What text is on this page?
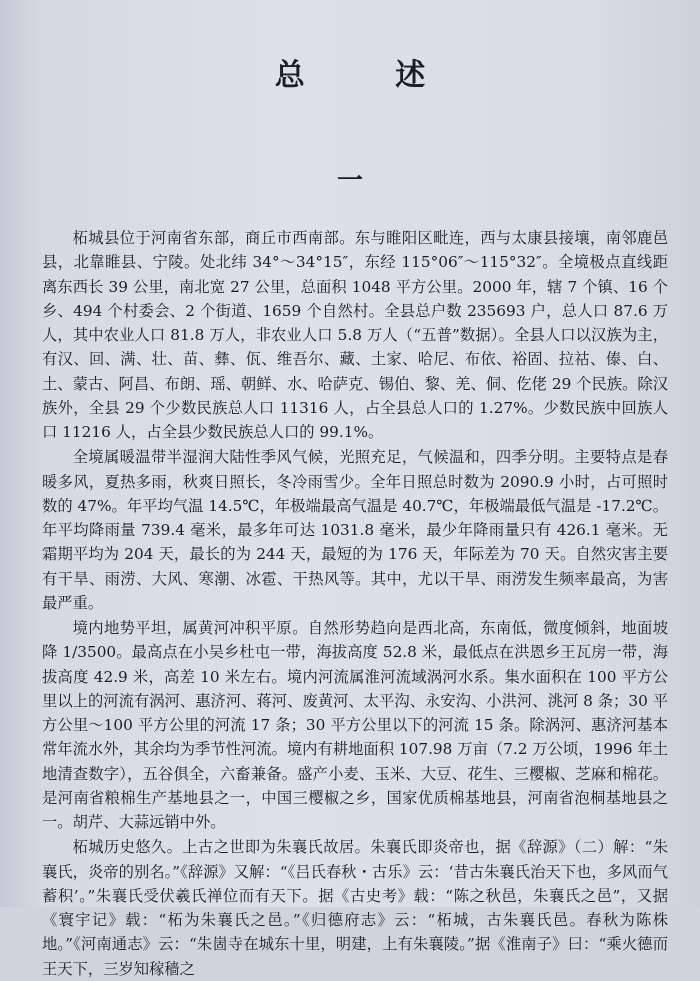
总 述
一

柘城县位于河南省东部，商丘市西南部。东与睢阳区毗连，西与太康县接壤，南邻鹿邑县，北靠睢县、宁陵。处北纬 34°～34°15″，东经 115°06″～115°32″。全境极点直线距离东西长 39 公里，南北宽 27 公里，总面积 1048 平方公里。2000 年，辖 7 个镇、16 个乡、494 个村委会、2 个街道、1659 个自然村。全县总户数 235693 户，总人口 87.6 万人，其中农业人口 81.8 万人，非农业人口 5.8 万人（“五普”数据）。全县人口以汉族为主，有汉、回、满、壮、苗、彝、佤、维吾尔、藏、土家、哈尼、布依、裕固、拉祜、傣、白、土、蒙古、阿昌、布朗、瑶、朝鲜、水、哈萨克、锡伯、黎、羌、侗、仡佬 29 个民族。除汉族外，全县 29 个少数民族总人口 11316 人，占全县总人口的 1.27%。少数民族中回族人口 11216 人，占全县少数民族总人口的 99.1%。

全境属暖温带半湿润大陆性季风气候，光照充足，气候温和，四季分明。主要特点是春暖多风，夏热多雨，秋爽日照长，冬冷雨雪少。全年日照总时数为 2090.9 小时，占可照时数的 47%。年平均气温 14.5℃，年极端最高气温是 40.7℃，年极端最低气温是 -17.2℃。年平均降雨量 739.4 毫米，最多年可达 1031.8 毫米，最少年降雨量只有 426.1 毫米。无霜期平均为 204 天，最长的为 244 天，最短的为 176 天，年际差为 70 天。自然灾害主要有干旱、雨涝、大风、寒潮、冰雹、干热风等。其中，尤以干旱、雨涝发生频率最高，为害最严重。

境内地势平坦，属黄河冲积平原。自然形势趋向是西北高，东南低，微度倾斜，地面坡降 1/3500。最高点在小吴乡杜屯一带，海拔高度 52.8 米，最低点在洪恩乡王瓦房一带，海拔高度 42.9 米，高差 10 米左右。境内河流属淮河流域涡河水系。集水面积在 100 平方公里以上的河流有涡河、惠济河、蒋河、废黄河、太平沟、永安沟、小洪河、洮河 8 条；30 平方公里～100 平方公里的河流 17 条；30 平方公里以下的河流 15 条。除涡河、惠济河基本常年流水外，其余均为季节性河流。境内有耕地面积 107.98 万亩（7.2 万公顷，1996 年土地清查数字），五谷俱全，六畜兼备。盛产小麦、玉米、大豆、花生、三樱椒、芝麻和棉花。是河南省粮棉生产基地县之一，中国三樱椒之乡，国家优质棉基地县，河南省泡桐基地县之一。胡芹、大蒜远销中外。

柘城历史悠久。上古之世即为朱襄氏故居。朱襄氏即炎帝也，据《辞源》（二）解：“朱襄氏，炎帝的别名。”《辞源》又解：“《吕氏春秋・古乐》云：‘昔古朱襄氏治天下也，多风而气蓄积’。”朱襄氏受伏羲氏禅位而有天下。据《古史考》载：“陈之秋邑，朱襄氏之邑”，又据《寰宇记》载：“柘为朱襄氏之邑。”《归德府志》云：“柘城，古朱襄氏邑。春秋为陈株地。”《河南通志》云：“朱崮寺在城东十里，明建，上有朱襄陵。”据《淮南子》曰：“乘火德而王天下，三岁知稼穑之
